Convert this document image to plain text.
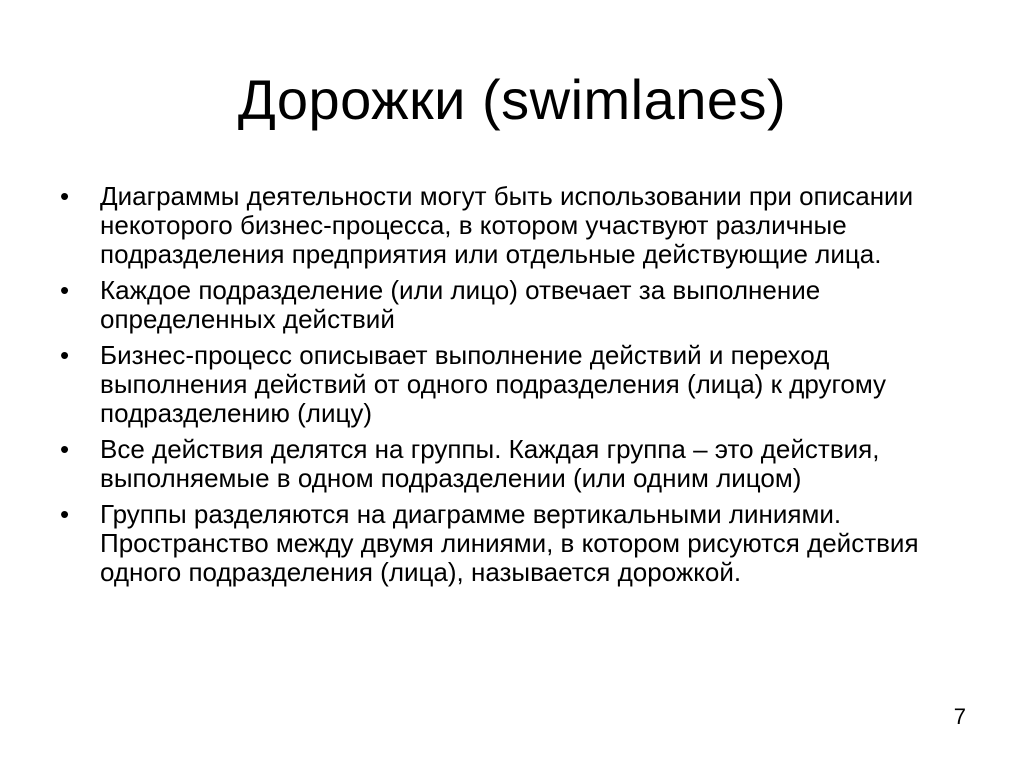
Дорожки (swimlanes)
•	Диаграммы деятельности могут быть использовании при описании некоторого бизнес-процесса, в котором участвуют различные подразделения предприятия или отдельные действующие лица.
•	Каждое подразделение (или лицо) отвечает за выполнение определенных действий
•	Бизнес-процесс описывает выполнение действий и переход выполнения действий от одного подразделения (лица) к другому подразделению (лицу)
•	Все действия делятся на группы. Каждая группа – это действия, выполняемые в одном подразделении (или одним лицом)
•	Группы разделяются на диаграмме вертикальными линиями. Пространство между двумя линиями, в котором рисуются действия одного подразделения (лица), называется дорожкой.
7
